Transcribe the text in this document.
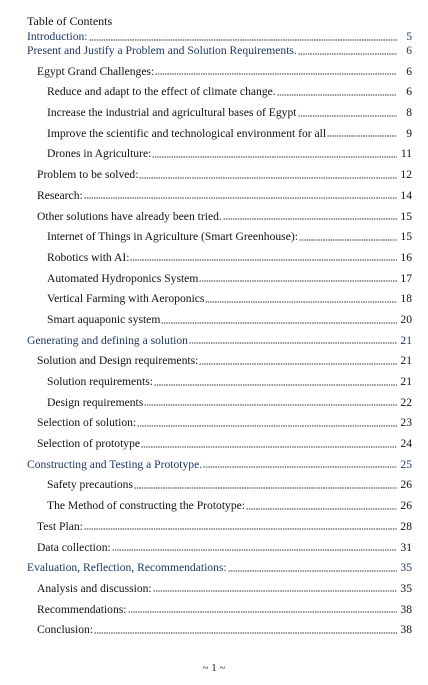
Table of Contents
Introduction:	5
Present and Justify a Problem and Solution Requirements.	6
Egypt Grand Challenges:	6
Reduce and adapt to the effect of climate change.	6
Increase the industrial and agricultural bases of Egypt	8
Improve the scientific and technological environment for all	9
Drones in Agriculture:	11
Problem to be solved:	12
Research:	14
Other solutions have already been tried.	15
Internet of Things in Agriculture (Smart Greenhouse):	15
Robotics with AI:	16
Automated Hydroponics System	17
Vertical Farming with Aeroponics	18
Smart aquaponic system	20
Generating and defining a solution	21
Solution and Design requirements:	21
Solution requirements:	21
Design requirements	22
Selection of solution:	23
Selection of prototype	24
Constructing and Testing a Prototype.	25
Safety precautions	26
The Method of constructing the Prototype:	26
Test Plan:	28
Data collection:	31
Evaluation, Reflection, Recommendations:	35
Analysis and discussion:	35
Recommendations:	38
Conclusion:	38
~ 1 ~
